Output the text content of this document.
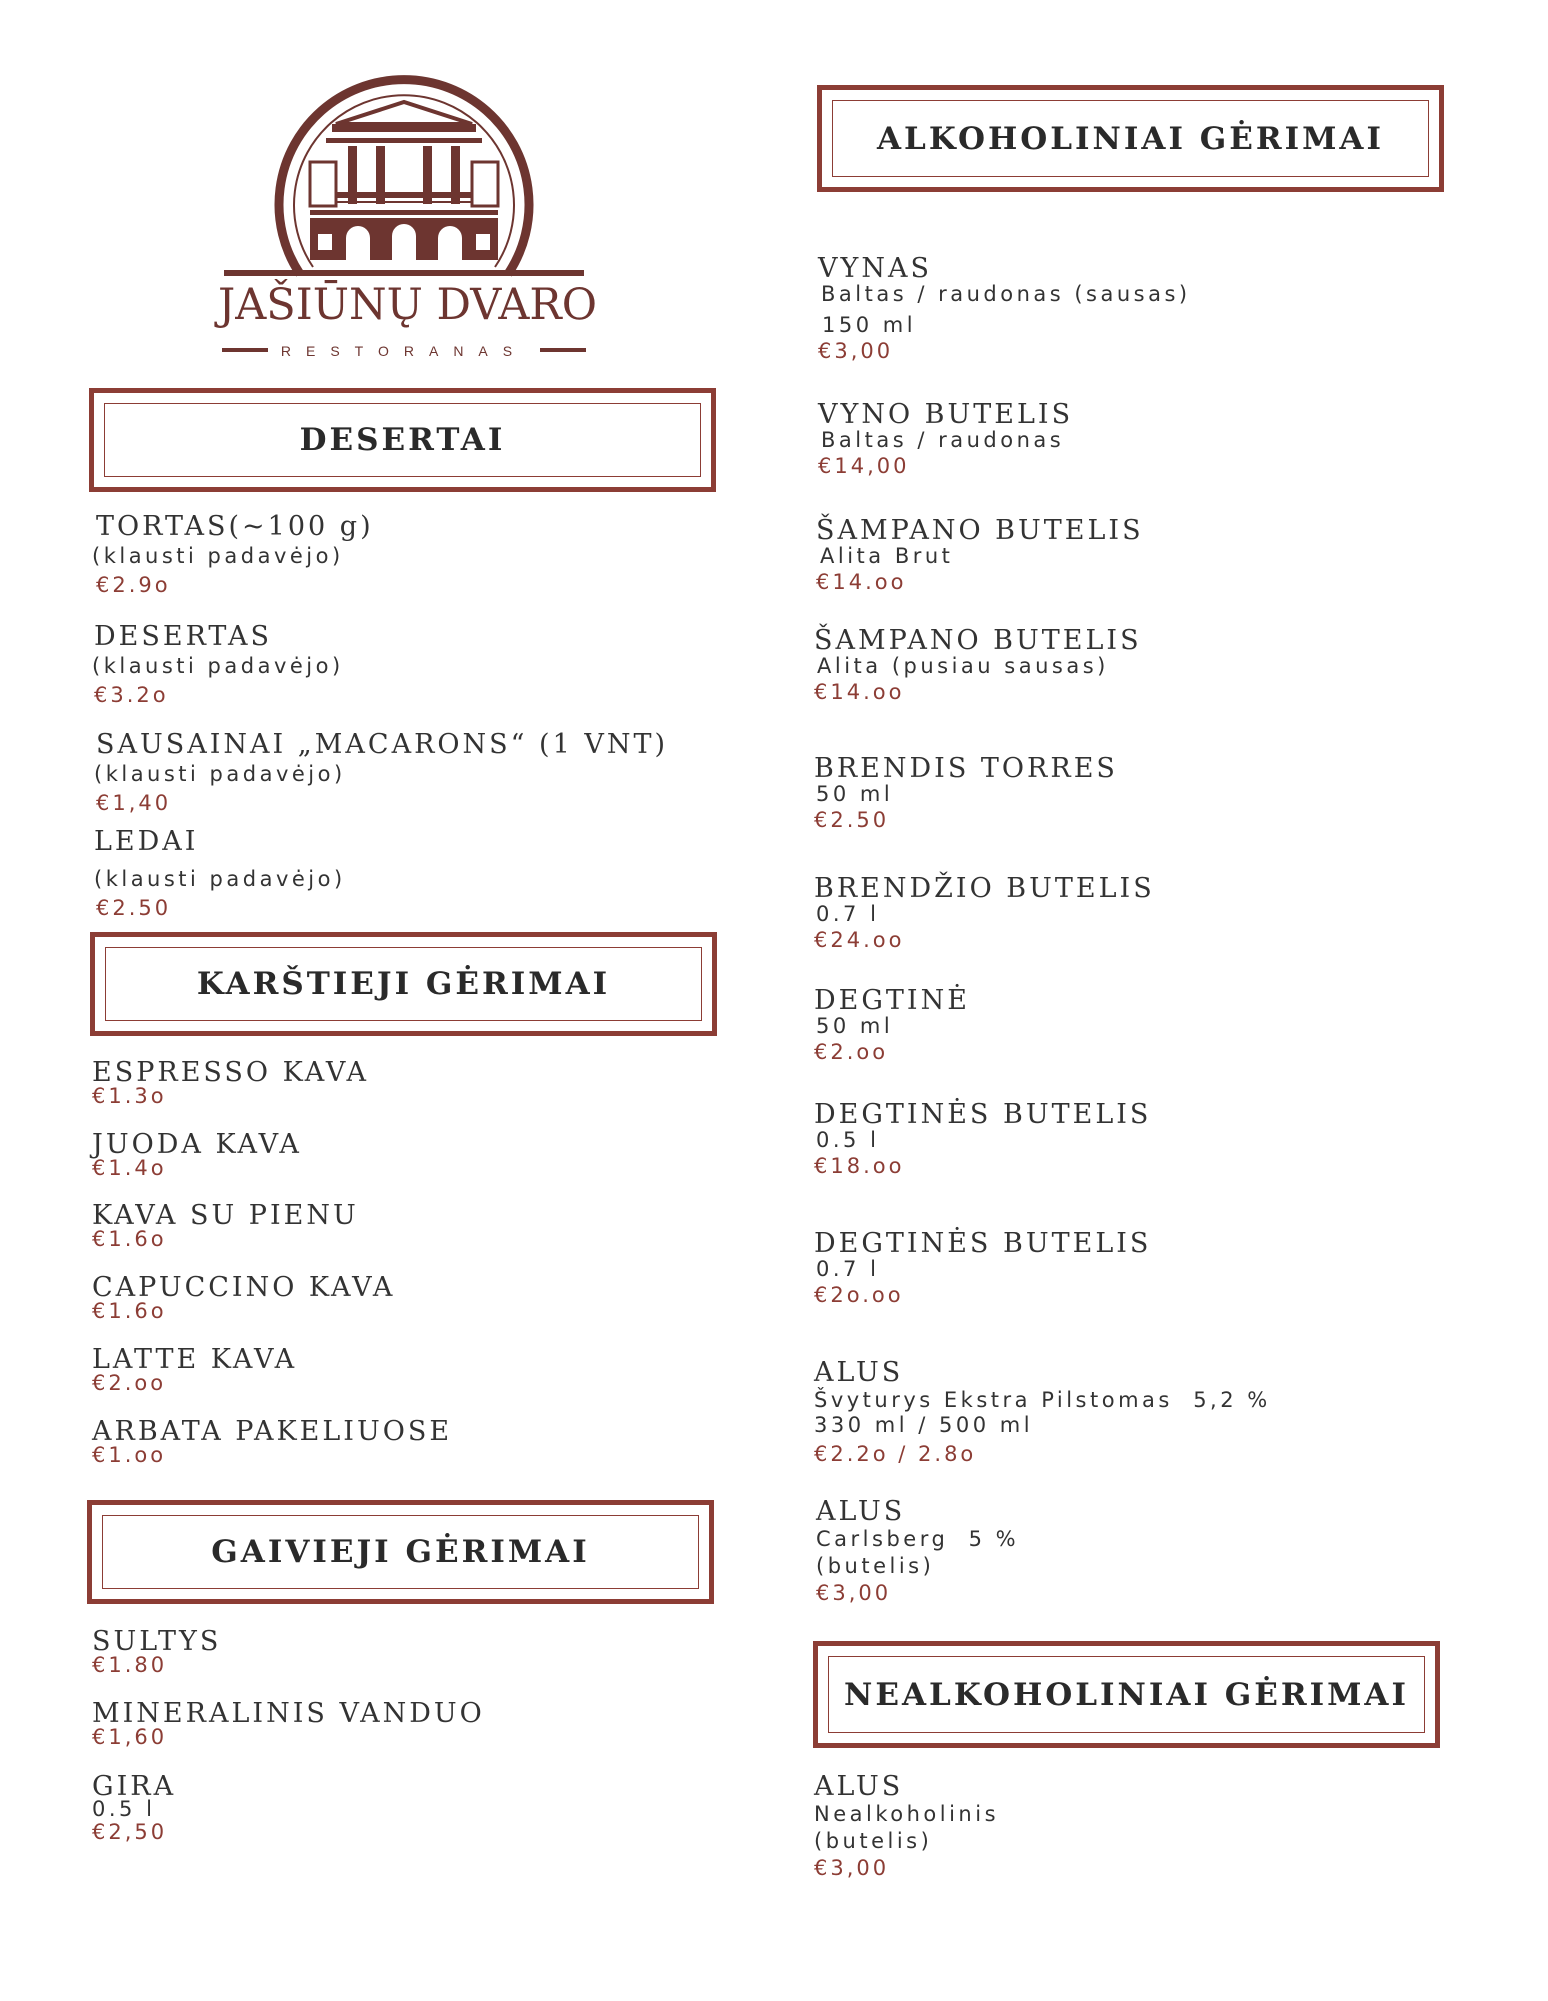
JAŠIŪNŲ DVARO
RESTORANAS
DESERTAI
TORTAS(~100 g)
(klausti padavėjo)
€2.9o
DESERTAS
(klausti padavėjo)
€3.2o
SAUSAINAI „MACARONS“ (1 VNT)
(klausti padavėjo)
€1,40
LEDAI
(klausti padavėjo)
€2.50
KARŠTIEJI GĖRIMAI
ESPRESSO KAVA
€1.3o
JUODA KAVA
€1.4o
KAVA SU PIENU
€1.6o
CAPUCCINO KAVA
€1.6o
LATTE KAVA
€2.oo
ARBATA PAKELIUOSE
€1.oo
GAIVIEJI GĖRIMAI
SULTYS
€1.80
MINERALINIS VANDUO
€1,60
GIRA
0.5 l
€2,50
ALKOHOLINIAI GĖRIMAI
VYNAS
Baltas / raudonas (sausas)
150 ml
€3,00
VYNO BUTELIS
Baltas / raudonas
€14,00
ŠAMPANO BUTELIS
Alita Brut
€14.oo
ŠAMPANO BUTELIS
Alita (pusiau sausas)
€14.oo
BRENDIS TORRES
50 ml
€2.50
BRENDŽIO BUTELIS
0.7 l
€24.oo
DEGTINĖ
50 ml
€2.oo
DEGTINĖS BUTELIS
0.5 l
€18.oo
DEGTINĖS BUTELIS
0.7 l
€2o.oo
ALUS
Švyturys Ekstra Pilstomas  5,2 %
330 ml / 500 ml
€2.2o / 2.8o
ALUS
Carlsberg  5 %
(butelis)
€3,00
NEALKOHOLINIAI GĖRIMAI
ALUS
Nealkoholinis
(butelis)
€3,00
